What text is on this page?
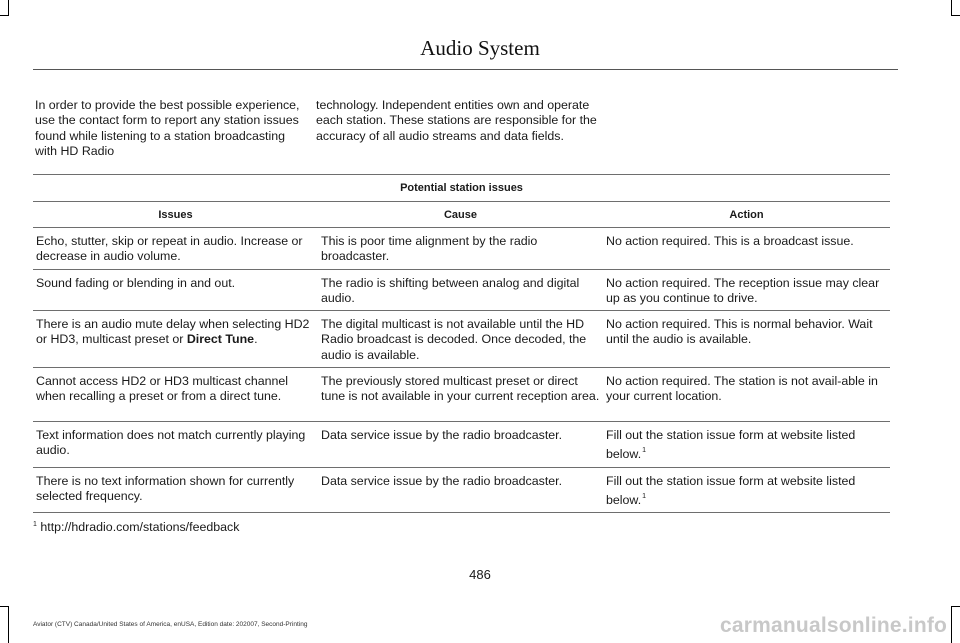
Audio System
In order to provide the best possible experience, use the contact form to report any station issues found while listening to a station broadcasting with HD Radio
technology. Independent entities own and operate each station. These stations are responsible for the accuracy of all audio streams and data fields.
Potential station issues		
Issues	Cause	Action
Echo, stutter, skip or repeat in audio. Increase or decrease in audio volume.	This is poor time alignment by the radio broadcaster.	No action required. This is a broadcast issue.
Sound fading or blending in and out.	The radio is shifting between analog and digital audio.	No action required. The reception issue may clear up as you continue to drive.
There is an audio mute delay when selecting HD2 or HD3, multicast preset or Direct Tune.	The digital multicast is not available until the HD Radio broadcast is decoded. Once decoded, the audio is available.	No action required. This is normal behavior. Wait until the audio is available.
Cannot access HD2 or HD3 multicast channel when recalling a preset or from a direct tune.	The previously stored multicast preset or direct tune is not available in your current reception area.	No action required. The station is not avail-able in your current location.
Text information does not match currently playing audio.	Data service issue by the radio broadcaster.	Fill out the station issue form at website listed below.$^1$
There is no text information shown for currently selected frequency.	Data service issue by the radio broadcaster.	Fill out the station issue form at website listed below.$^1$
$^1$ http://hdradio.com/stations/feedback
486
Aviator (CTV) Canada/United States of America, enUSA, Edition date: 202007, Second-Printing	carmanualsonline.info
